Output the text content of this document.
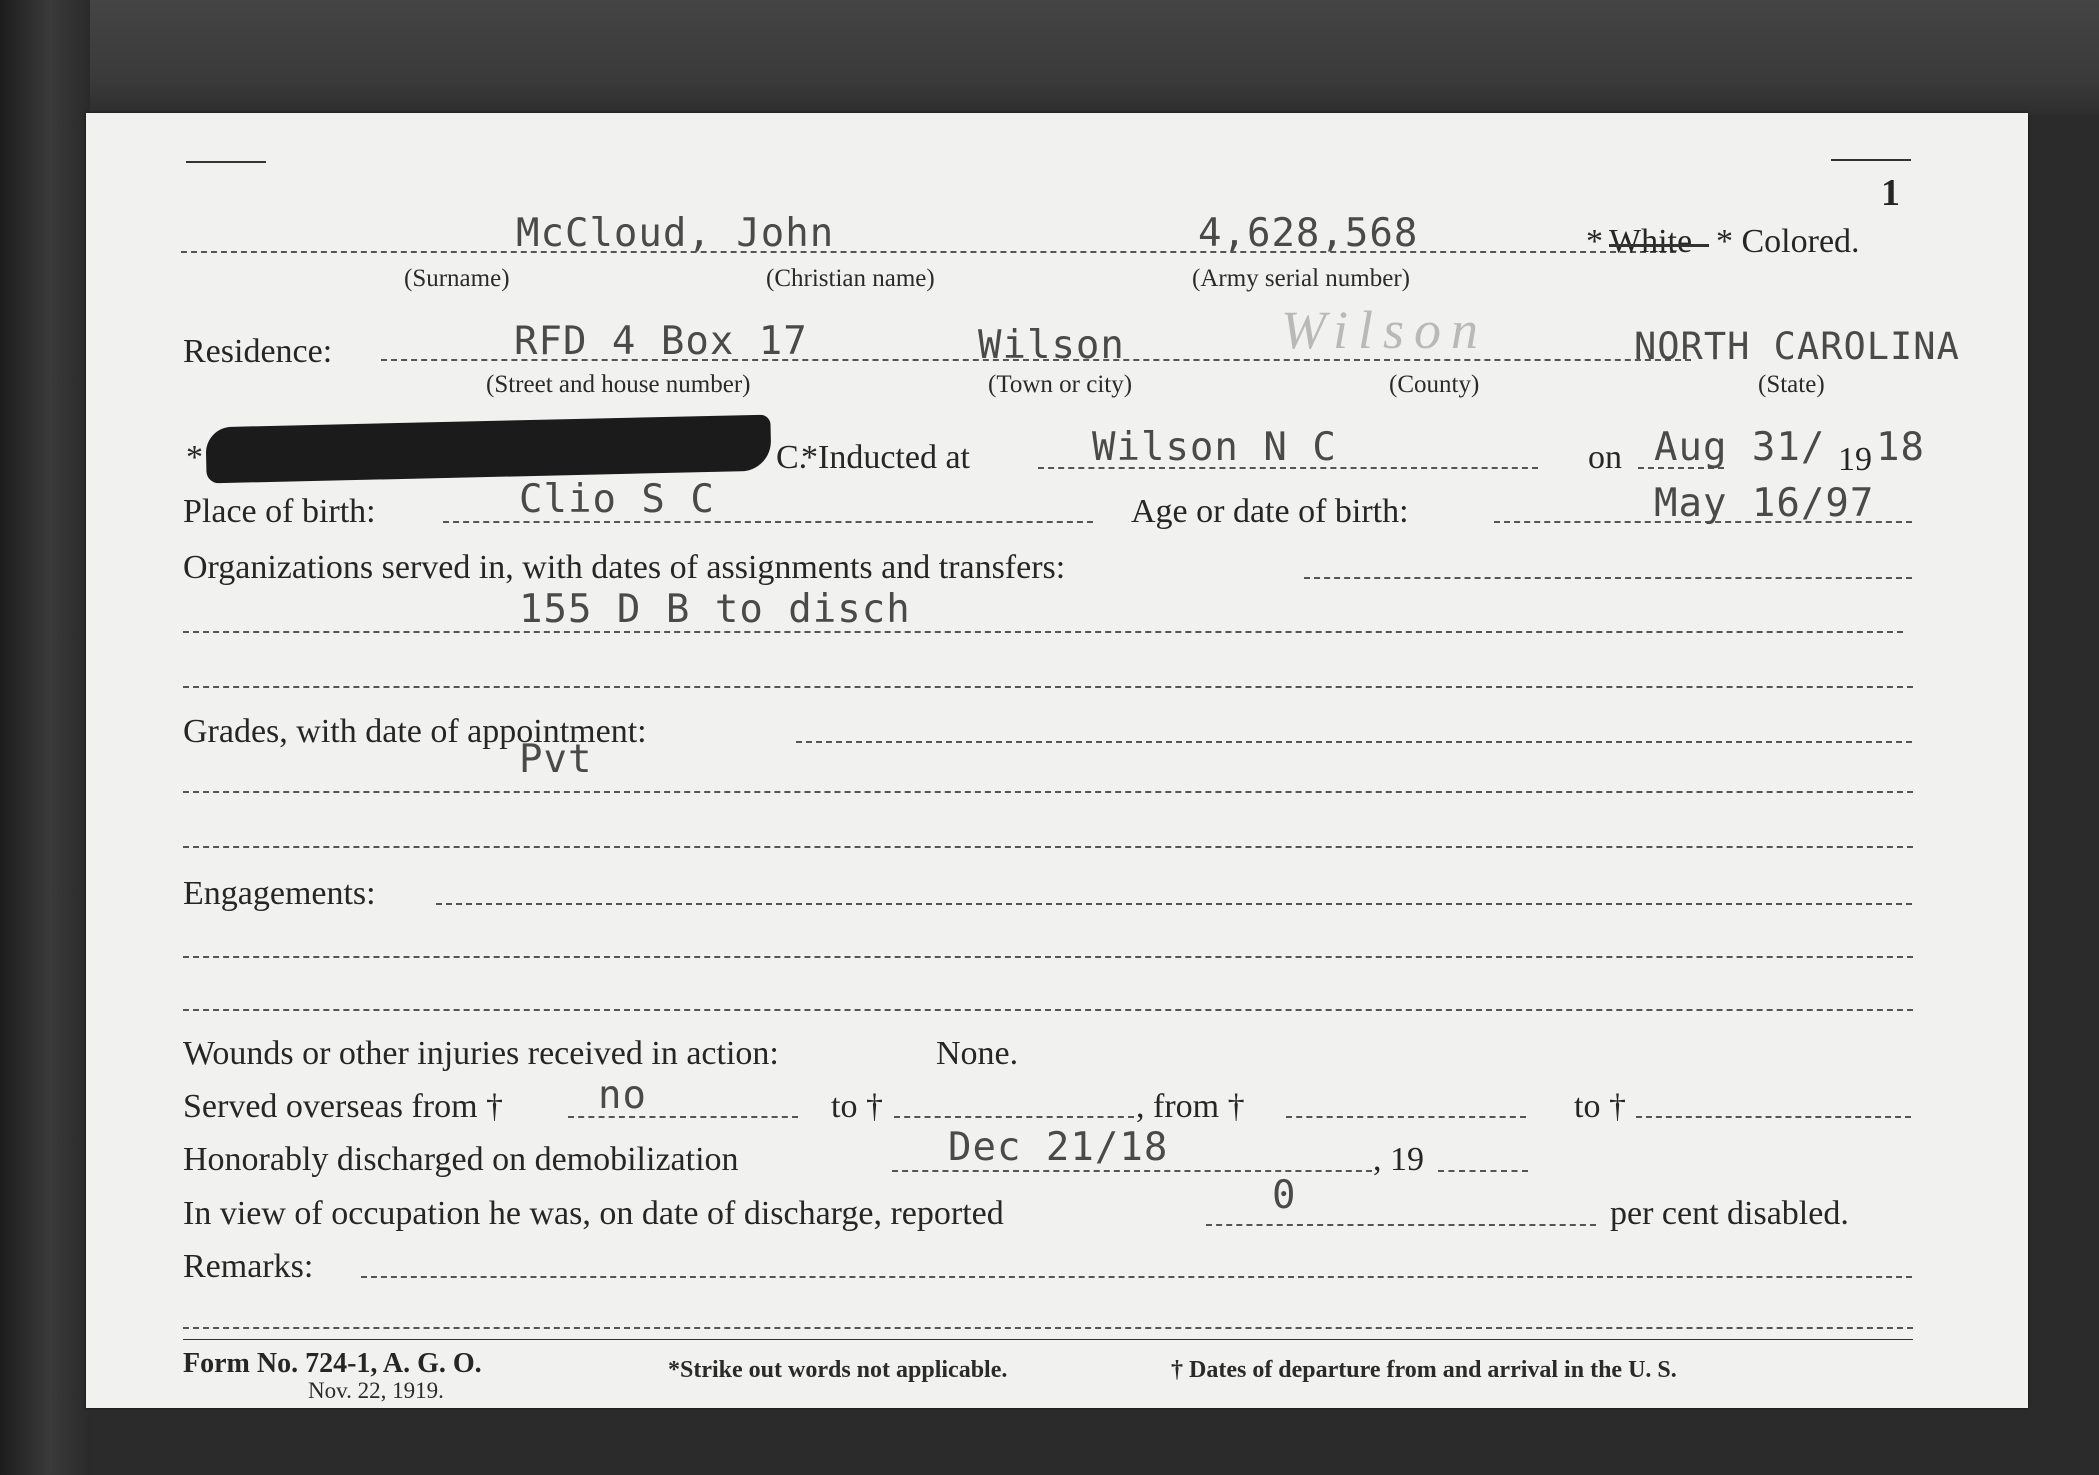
1
McCloud, John	4,628,568	* White * Colored.
(Surname)	(Christian name)	(Army serial number)
Residence:	RFD 4 Box 17	Wilson	Wilson	NORTH CAROLINA
(Street and house number)	(Town or city)	(County)	(State)
*	C.
*Inducted at	Wilson N C	on Aug 31/ 19 18
Place of birth:	Clio S C	Age or date of birth:	May 16/97
Organizations served in, with dates of assignments and transfers:
155 D B to disch
Grades, with date of appointment:
Pvt
Engagements:
Wounds or other injuries received in action:	None.
Served overseas from † no	to †	, from †	to †
Honorably discharged on demobilization	Dec 21/18	, 19
In view of occupation he was, on date of discharge, reported	0	per cent disabled.
Remarks:
Form No. 724-1, A. G. O.
Nov. 22, 1919.
*Strike out words not applicable.	† Dates of departure from and arrival in the U. S.
